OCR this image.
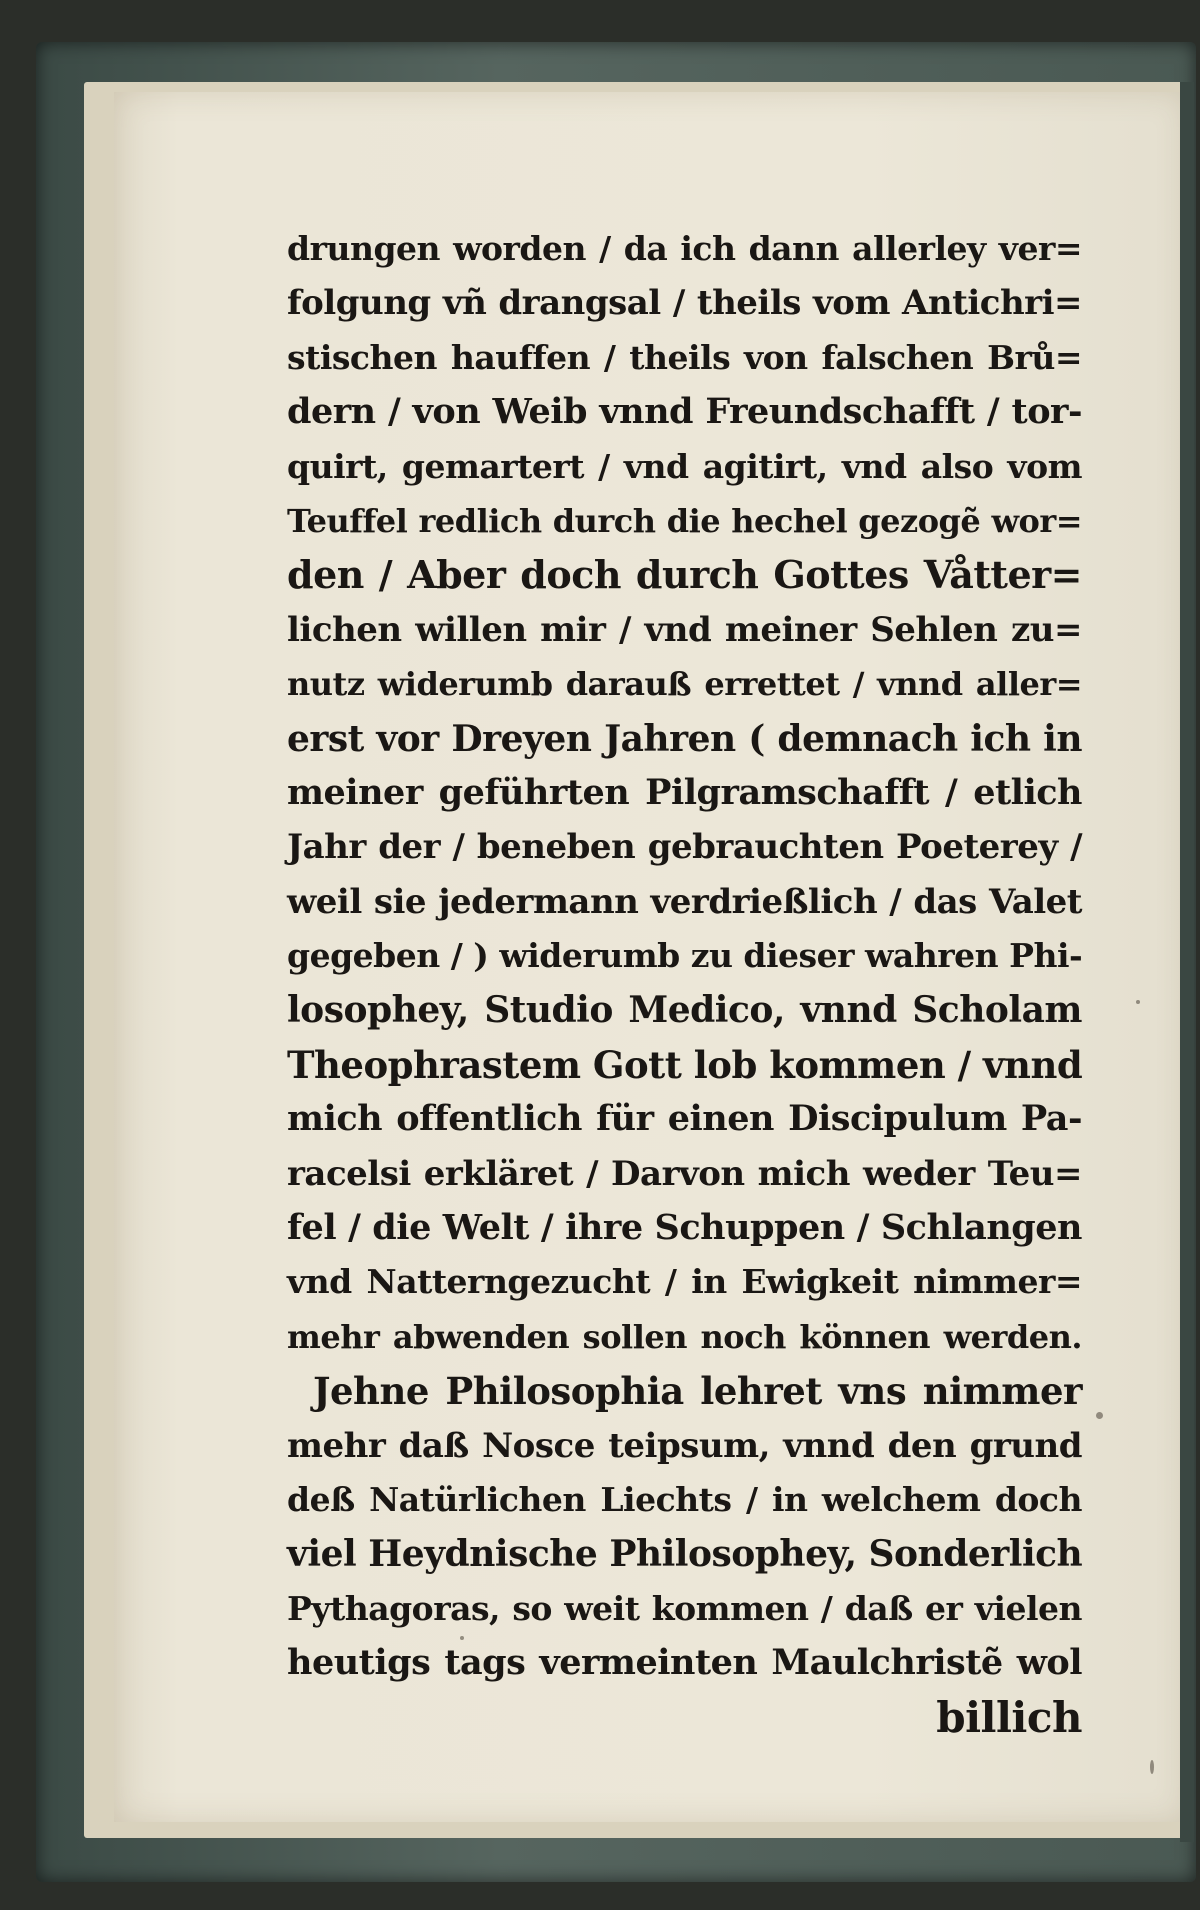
drungen worden / da ich dann allerley ver=
folgung vñ drangsal / theils vom Antichri=
stischen hauffen / theils von falschen Brů=
dern / von Weib vnnd Freundschafft / tor-
quirt, gemartert / vnd agitirt, vnd also vom
Teuffel redlich durch die hechel gezogẽ wor=
den / Aber doch durch Gottes Våtter=
lichen willen mir / vnd meiner Sehlen zu=
nutz widerumb darauß errettet / vnnd aller=
erst vor Dreyen Jahren ( demnach ich in
meiner geführten Pilgramschafft / etlich
Jahr der / beneben gebrauchten Poeterey /
weil sie jedermann verdrießlich / das Valet
gegeben / ) widerumb zu dieser wahren Phi-
losophey, Studio Medico, vnnd Scholam
Theophrastem Gott lob kommen / vnnd
mich offentlich für einen Discipulum Pa-
racelsi erkläret / Darvon mich weder Teu=
fel / die Welt / ihre Schuppen / Schlangen
vnd Natterngezucht / in Ewigkeit nimmer=
mehr abwenden sollen noch können werden.
Jehne Philosophia lehret vns nimmer
mehr daß Nosce teipsum, vnnd den grund
deß Natürlichen Liechts / in welchem doch
viel Heydnische Philosophey, Sonderlich
Pythagoras, so weit kommen / daß er vielen
heutigs tags vermeinten Maulchristẽ wol
billich
